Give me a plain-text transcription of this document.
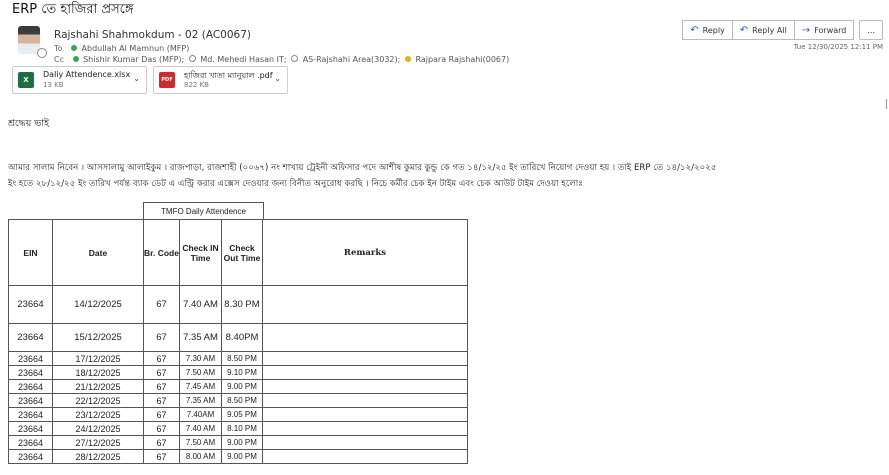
ERP তে হাজিরা প্রসঙ্গে
Rajshahi Shahmokdum - 02 (AC0067)
To Abdullah Al Mamnun (MFP)
Cc Shishir Kumar Das (MFP); Md. Mehedi Hasan IT; AS-Rajshahi Area(3032); Rajpara Rajshahi(0067)
↶ Reply ↶ Reply All → Forward	...
Tue 12/30/2025 12:11 PM
X
Daliy Attendence.xlsx
13 KB
⌄	PDF হাজিরা খাতা ম্যানুয়াল .pdf
822 KB
⌄
শ্রদ্ধেয় ভাই
আমার সালাম নিবেন । আসসালামু আলাইকুম । রাজপাড়া, রাজশাহী (০০৬৭) নং শাখায় ট্রেইনী অফিসার পদে আশীষ কুমার কুন্ডু কে গত ১৪/১২/২৫ ইং তারিখে নিয়োগ দেওয়া হয় । তাই ERP তে ১৪/১২/২০২৫
ইং হতে ২৮/১২/২৫ ইং তারিখ পর্যন্ত ব্যাক ডেট এ এন্ট্রি করার এক্সেস দেওয়ার জন্য বিনীত অনুরোধ করছি । নিচে কর্মীর চেক ইন টাইম এবং চেক আউট টাইম দেওয়া হলোঃ
TMFO Daily Attendence
EIN	Date	Br. Code	Check IN Time	Check Out Time	Remarks
23664	14/12/2025	67	7.40 AM	8.30 PM	
23664	15/12/2025	67	7.35 AM	8.40PM	
23664	17/12/2025	67	7.30 AM	8.50 PM	
23664	18/12/2025	67	7.50 AM	9.10 PM	
23664	21/12/2025	67	7.45 AM	9.00 PM	
23664	22/12/2025	67	7.35 AM	8.50 PM	
23664	23/12/2025	67	7.40AM	9.05 PM	
23664	24/12/2025	67	7.40 AM	8.10 PM	
23664	27/12/2025	67	7.50 AM	9.00 PM	
23664	28/12/2025	67	8.00 AM	9.00 PM	
